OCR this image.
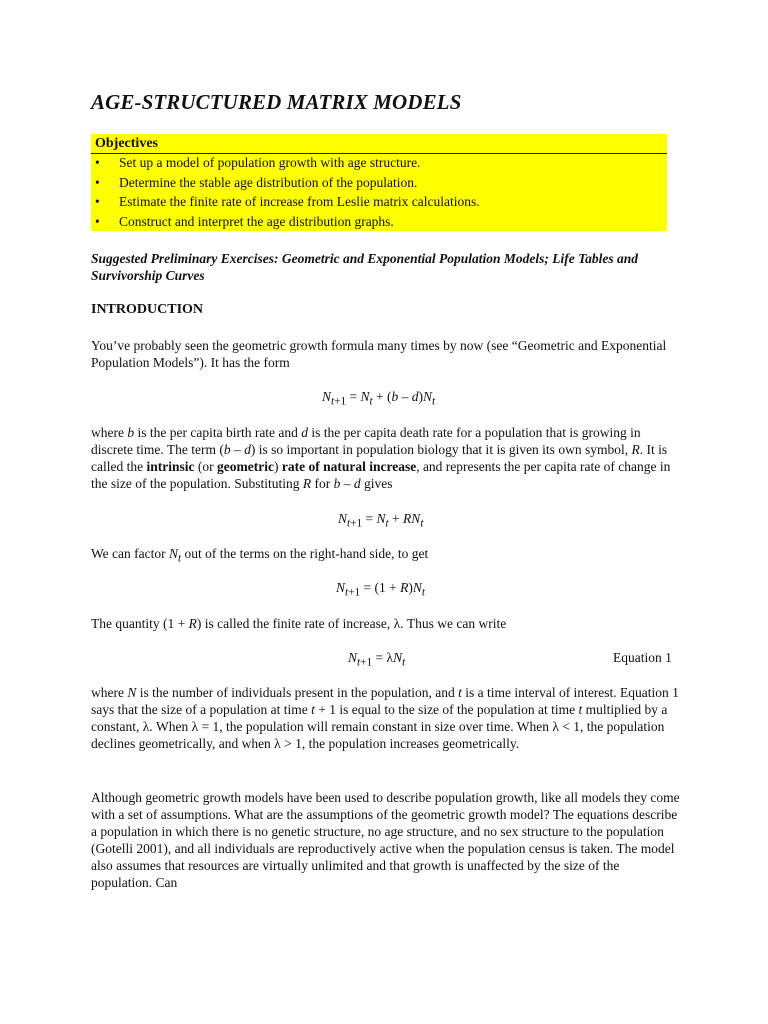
AGE-STRUCTURED MATRIX MODELS
Objectives
• Set up a model of population growth with age structure.
• Determine the stable age distribution of the population.
• Estimate the finite rate of increase from Leslie matrix calculations.
• Construct and interpret the age distribution graphs.

Suggested Preliminary Exercises: Geometric and Exponential Population Models; Life Tables and Survivorship Curves

INTRODUCTION

You’ve probably seen the geometric growth formula many times by now (see “Geometric and Exponential Population Models”). It has the form

$N_{t+1} = N_t + (b - d)N_t$

where b is the per capita birth rate and d is the per capita death rate for a population that is growing in discrete time. The term (b – d) is so important in population biology that it is given its own symbol, R. It is called the intrinsic (or geometric) rate of natural increase, and represents the per capita rate of change in the size of the population. Substituting R for b – d gives

$N_{t+1} = N_t + RN_t$

We can factor $N_t$ out of the terms on the right-hand side, to get

$N_{t+1} = (1 + R)N_t$

The quantity (1 + R) is called the finite rate of increase, λ. Thus we can write

$N_{t+1} = \lambda N_t$	Equation 1

where N is the number of individuals present in the population, and t is a time interval of interest. Equation 1 says that the size of a population at time t + 1 is equal to the size of the population at time t multiplied by a constant, λ. When λ = 1, the population will remain constant in size over time. When λ < 1, the population declines geometrically, and when λ > 1, the population increases geometrically.

Although geometric growth models have been used to describe population growth, like all models they come with a set of assumptions. What are the assumptions of the geometric growth model? The equations describe a population in which there is no genetic structure, no age structure, and no sex structure to the population (Gotelli 2001), and all individuals are reproductively active when the population census is taken. The model also assumes that resources are virtually unlimited and that growth is unaffected by the size of the population. Can
